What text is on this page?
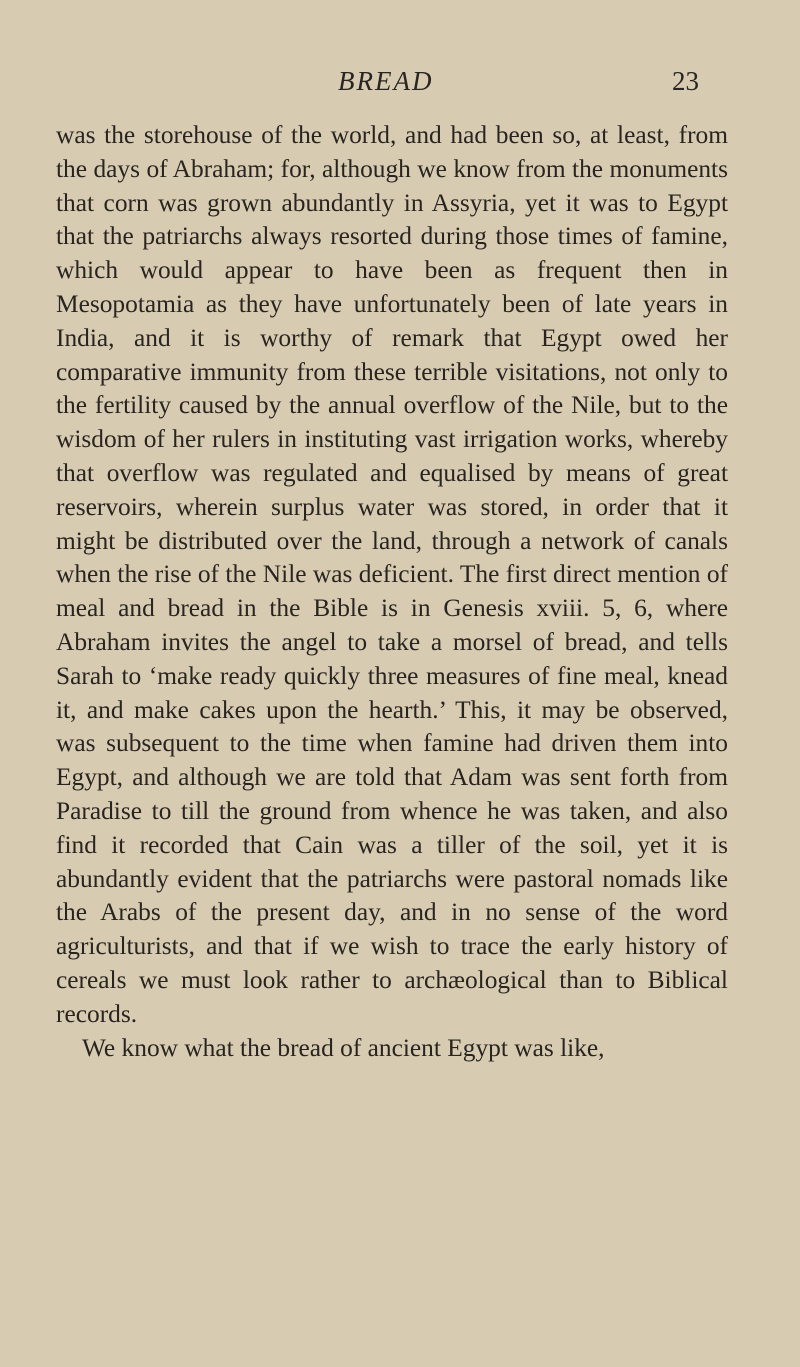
BREAD	23

was the storehouse of the world, and had been so, at least, from the days of Abraham; for, although we know from the monuments that corn was grown abundantly in Assyria, yet it was to Egypt that the patriarchs always resorted during those times of famine, which would appear to have been as frequent then in Mesopotamia as they have unfortunately been of late years in India, and it is worthy of remark that Egypt owed her comparative immunity from these terrible visitations, not only to the fertility caused by the annual overflow of the Nile, but to the wisdom of her rulers in instituting vast irrigation works, whereby that overflow was regulated and equalised by means of great reservoirs, wherein surplus water was stored, in order that it might be distributed over the land, through a network of canals when the rise of the Nile was deficient. The first direct mention of meal and bread in the Bible is in Genesis xviii. 5, 6, where Abraham invites the angel to take a morsel of bread, and tells Sarah to ‘make ready quickly three measures of fine meal, knead it, and make cakes upon the hearth.’ This, it may be observed, was subsequent to the time when famine had driven them into Egypt, and although we are told that Adam was sent forth from Paradise to till the ground from whence he was taken, and also find it recorded that Cain was a tiller of the soil, yet it is abundantly evident that the patriarchs were pastoral nomads like the Arabs of the present day, and in no sense of the word agriculturists, and that if we wish to trace the early history of cereals we must look rather to archæological than to Biblical records.

We know what the bread of ancient Egypt was like,
